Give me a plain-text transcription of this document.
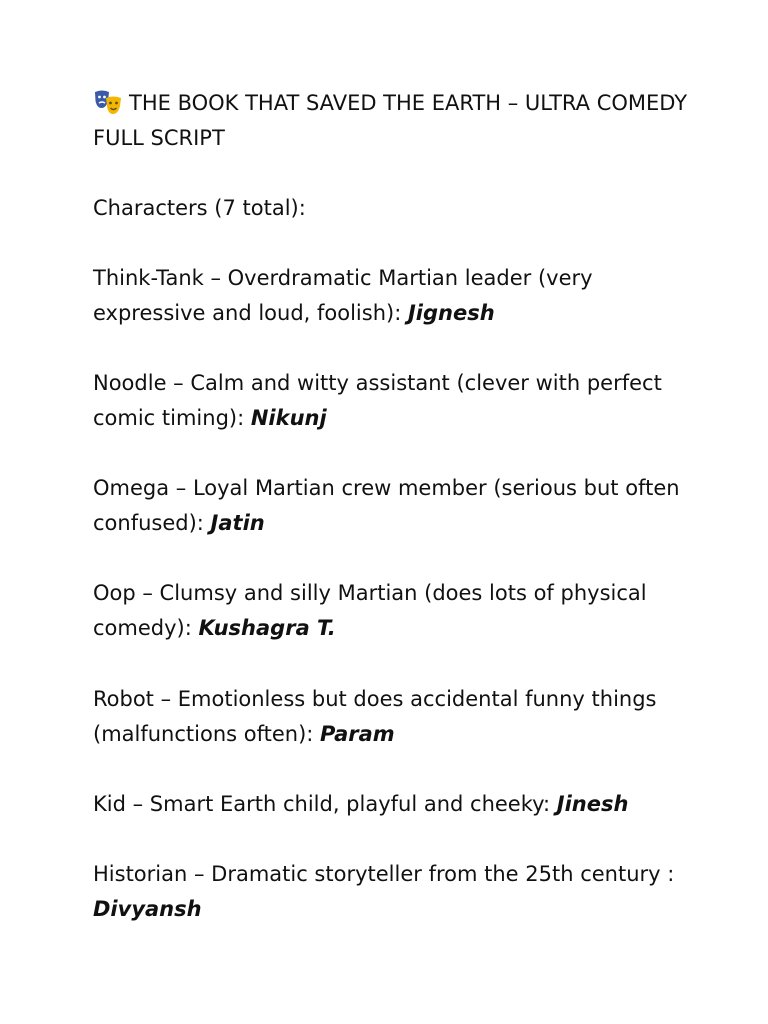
THE BOOK THAT SAVED THE EARTH – ULTRA COMEDY FULL SCRIPT

Characters (7 total):

Think-Tank – Overdramatic Martian leader (very expressive and loud, foolish): Jignesh

Noodle – Calm and witty assistant (clever with perfect comic timing): Nikunj

Omega – Loyal Martian crew member (serious but often confused): Jatin

Oop – Clumsy and silly Martian (does lots of physical comedy): Kushagra T.

Robot – Emotionless but does accidental funny things (malfunctions often): Param

Kid – Smart Earth child, playful and cheeky: Jinesh

Historian – Dramatic storyteller from the 25th century : Divyansh
